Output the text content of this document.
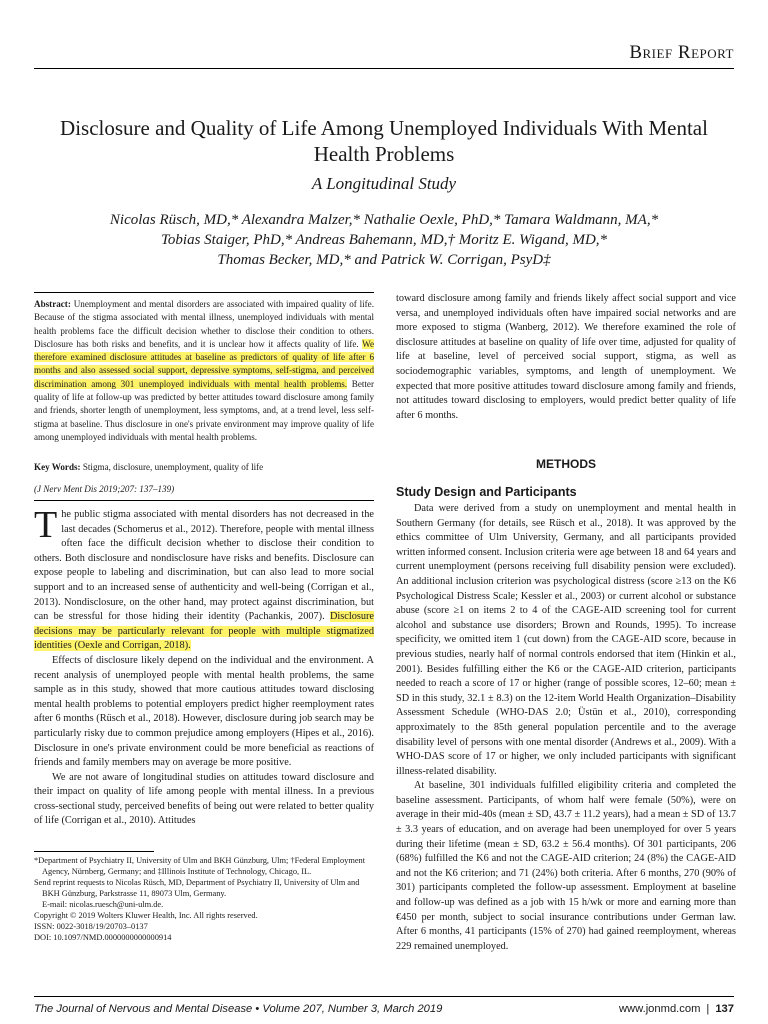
Brief Report
Disclosure and Quality of Life Among Unemployed Individuals With Mental Health Problems
A Longitudinal Study
Nicolas Rüsch, MD,* Alexandra Malzer,* Nathalie Oexle, PhD,* Tamara Waldmann, MA,*
Tobias Staiger, PhD,* Andreas Bahemann, MD,† Moritz E. Wigand, MD,*
Thomas Becker, MD,* and Patrick W. Corrigan, PsyD‡
Abstract: Unemployment and mental disorders are associated with impaired quality of life. Because of the stigma associated with mental illness, unemployed individuals with mental health problems face the difficult decision whether to disclose their condition to others. Disclosure has both risks and benefits, and it is unclear how it affects quality of life. We therefore examined disclosure attitudes at baseline as predictors of quality of life after 6 months and also assessed social support, depressive symptoms, self-stigma, and perceived discrimination among 301 unemployed individuals with mental health problems. Better quality of life at follow-up was predicted by better attitudes toward disclosure among family and friends, shorter length of unemployment, less symptoms, and, at a trend level, less self-stigma at baseline. Thus disclosure in one's private environment may improve quality of life among unemployed individuals with mental health problems.
Key Words: Stigma, disclosure, unemployment, quality of life
(J Nerv Ment Dis 2019;207: 137–139)

The public stigma associated with mental disorders has not decreased in the last decades (Schomerus et al., 2012). Therefore, people with mental illness often face the difficult decision whether to disclose their condition to others. Both disclosure and nondisclosure have risks and benefits. Disclosure can expose people to labeling and discrimination, but can also lead to more social support and to an increased sense of authenticity and well-being (Corrigan et al., 2013). Nondisclosure, on the other hand, may protect against discrimination, but can be stressful for those hiding their identity (Pachankis, 2007). Disclosure decisions may be particularly relevant for people with multiple stigmatized identities (Oexle and Corrigan, 2018).

Effects of disclosure likely depend on the individual and the environment. A recent analysis of unemployed people with mental health problems, the same sample as in this study, showed that more cautious attitudes toward disclosing mental health problems to potential employers predict higher reemployment rates after 6 months (Rüsch et al., 2018). However, disclosure during job search may be particularly risky due to common prejudice among employers (Hipes et al., 2016). Disclosure in one's private environment could be more beneficial as reactions of friends and family members may on average be more positive.

We are not aware of longitudinal studies on attitudes toward disclosure and their impact on quality of life among people with mental illness. In a previous cross-sectional study, perceived benefits of being out were related to better quality of life (Corrigan et al., 2010). Attitudes

*Department of Psychiatry II, University of Ulm and BKH Günzburg, Ulm; †Federal Employment Agency, Nürnberg, Germany; and ‡Illinois Institute of Technology, Chicago, IL.
Send reprint requests to Nicolas Rüsch, MD, Department of Psychiatry II, University of Ulm and BKH Günzburg, Parkstrasse 11, 89073 Ulm, Germany.
E-mail: nicolas.ruesch@uni-ulm.de.
Copyright © 2019 Wolters Kluwer Health, Inc. All rights reserved.
ISSN: 0022-3018/19/20703–0137
DOI: 10.1097/NMD.0000000000000914

toward disclosure among family and friends likely affect social support and vice versa, and unemployed individuals often have impaired social networks and are more exposed to stigma (Wanberg, 2012). We therefore examined the role of disclosure attitudes at baseline on quality of life over time, adjusted for quality of life at baseline, level of perceived social support, stigma, as well as sociodemographic variables, symptoms, and length of unemployment. We expected that more positive attitudes toward disclosure among family and friends, not attitudes toward disclosing to employers, would predict better quality of life after 6 months.

METHODS
Study Design and Participants

Data were derived from a study on unemployment and mental health in Southern Germany (for details, see Rüsch et al., 2018). It was approved by the ethics committee of Ulm University, Germany, and all participants provided written informed consent. Inclusion criteria were age between 18 and 64 years and current unemployment (persons receiving full disability pension were excluded). An additional inclusion criterion was psychological distress (score ≥13 on the K6 Psychological Distress Scale; Kessler et al., 2003) or current alcohol or substance abuse (score ≥1 on items 2 to 4 of the CAGE-AID screening tool for current alcohol and substance use disorders; Brown and Rounds, 1995). To increase specificity, we omitted item 1 (cut down) from the CAGE-AID score, because in previous studies, nearly half of normal controls endorsed that item (Hinkin et al., 2001). Besides fulfilling either the K6 or the CAGE-AID criterion, participants needed to reach a score of 17 or higher (range of possible scores, 12–60; mean ± SD in this study, 32.1 ± 8.3) on the 12-item World Health Organization–Disability Assessment Schedule (WHO-DAS 2.0; Üstün et al., 2010), corresponding approximately to the 85th general population percentile and to the average disability level of persons with one mental disorder (Andrews et al., 2009). With a WHO-DAS score of 17 or higher, we only included participants with significant illness-related disability.

At baseline, 301 individuals fulfilled eligibility criteria and completed the baseline assessment. Participants, of whom half were female (50%), were on average in their mid-40s (mean ± SD, 43.7 ± 11.2 years), had a mean ± SD of 13.7 ± 3.3 years of education, and on average had been unemployed for over 5 years during their lifetime (mean ± SD, 63.2 ± 56.4 months). Of 301 participants, 206 (68%) fulfilled the K6 and not the CAGE-AID criterion; 24 (8%) the CAGE-AID and not the K6 criterion; and 71 (24%) both criteria. After 6 months, 270 (90% of 301) participants completed the follow-up assessment. Employment at baseline and follow-up was defined as a job with 15 h/wk or more and earning more than €450 per month, subject to social insurance contributions under German law. After 6 months, 41 participants (15% of 270) had gained reemployment, whereas 229 remained unemployed.

The Journal of Nervous and Mental Disease • Volume 207, Number 3, March 2019	www.jonmd.com | 137
